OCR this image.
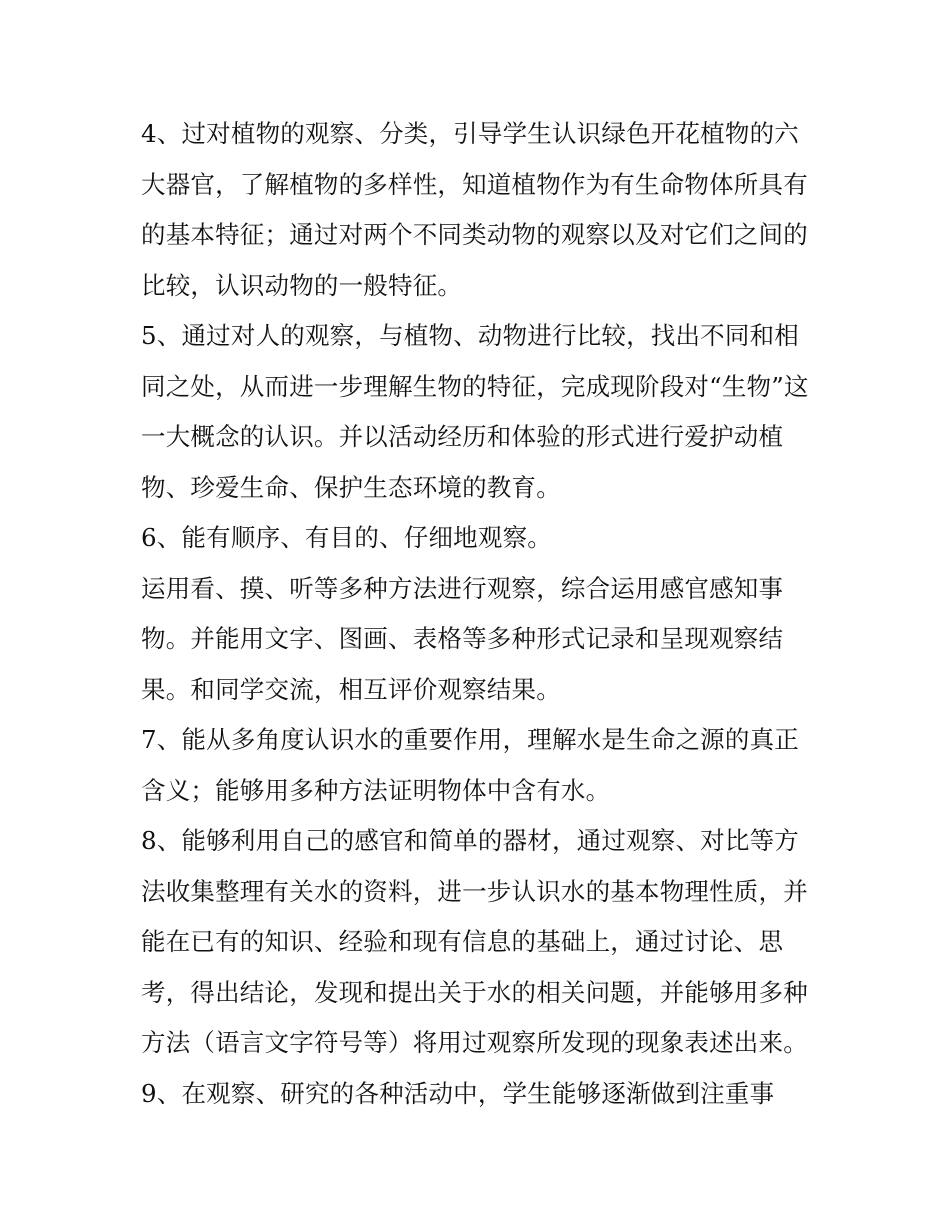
4、过对植物的观察、分类，引导学生认识绿色开花植物的六
大器官，了解植物的多样性，知道植物作为有生命物体所具有
的基本特征；通过对两个不同类动物的观察以及对它们之间的
比较，认识动物的一般特征。
5、通过对人的观察，与植物、动物进行比较，找出不同和相
同之处，从而进一步理解生物的特征，完成现阶段对“生物”这
一大概念的认识。并以活动经历和体验的形式进行爱护动植
物、珍爱生命、保护生态环境的教育。
6、能有顺序、有目的、仔细地观察。
运用看、摸、听等多种方法进行观察，综合运用感官感知事
物。并能用文字、图画、表格等多种形式记录和呈现观察结
果。和同学交流，相互评价观察结果。
7、能从多角度认识水的重要作用，理解水是生命之源的真正
含义；能够用多种方法证明物体中含有水。
8、能够利用自己的感官和简单的器材，通过观察、对比等方
法收集整理有关水的资料，进一步认识水的基本物理性质，并
能在已有的知识、经验和现有信息的基础上，通过讨论、思
考，得出结论，发现和提出关于水的相关问题，并能够用多种
方法（语言文字符号等）将用过观察所发现的现象表述出来。
9、在观察、研究的各种活动中，学生能够逐渐做到注重事
